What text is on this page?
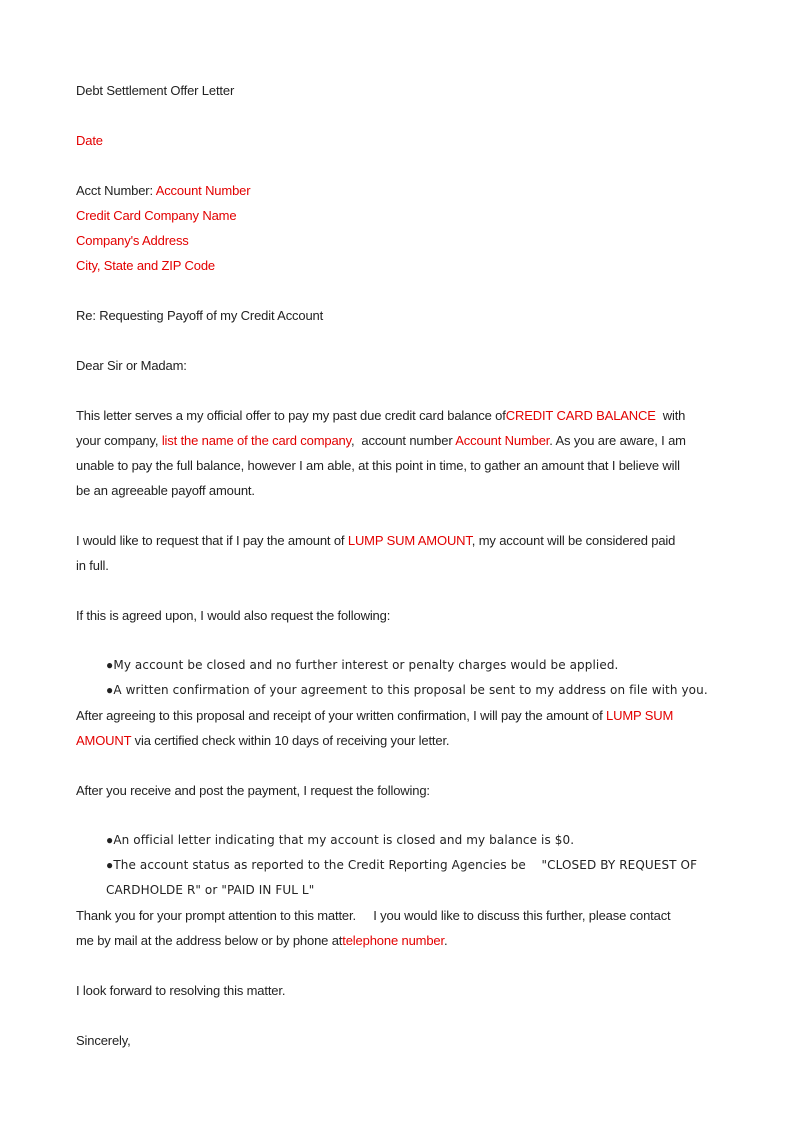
Debt Settlement Offer Letter
Date
Acct Number: Account Number
Credit Card Company Name
Company's Address
City, State and ZIP Code
Re: Requesting Payoff of my Credit Account
Dear Sir or Madam:
This letter serves a my official offer to pay my past due credit card balance ofCREDIT CARD BALANCE  with
your company, list the name of the card company,  account number Account Number. As you are aware, I am
unable to pay the full balance, however I am able, at this point in time, to gather an amount that I believe will
be an agreeable payoff amount.
I would like to request that if I pay the amount of LUMP SUM AMOUNT, my account will be considered paid
in full.
If this is agreed upon, I would also request the following:
●My account be closed and no further interest or penalty charges would be applied.
●A written confirmation of your agreement to this proposal be sent to my address on file with you.
After agreeing to this proposal and receipt of your written confirmation, I will pay the amount of LUMP SUM
AMOUNT via certified check within 10 days of receiving your letter.
After you receive and post the payment, I request the following:
●An official letter indicating that my account is closed and my balance is $0.
●The account status as reported to the Credit Reporting Agencies be    "CLOSED BY REQUEST OF
CARDHOLDE R" or "PAID IN FUL L"
Thank you for your prompt attention to this matter.     I you would like to discuss this further, please contact
me by mail at the address below or by phone attelephone number.
I look forward to resolving this matter.
Sincerely,
